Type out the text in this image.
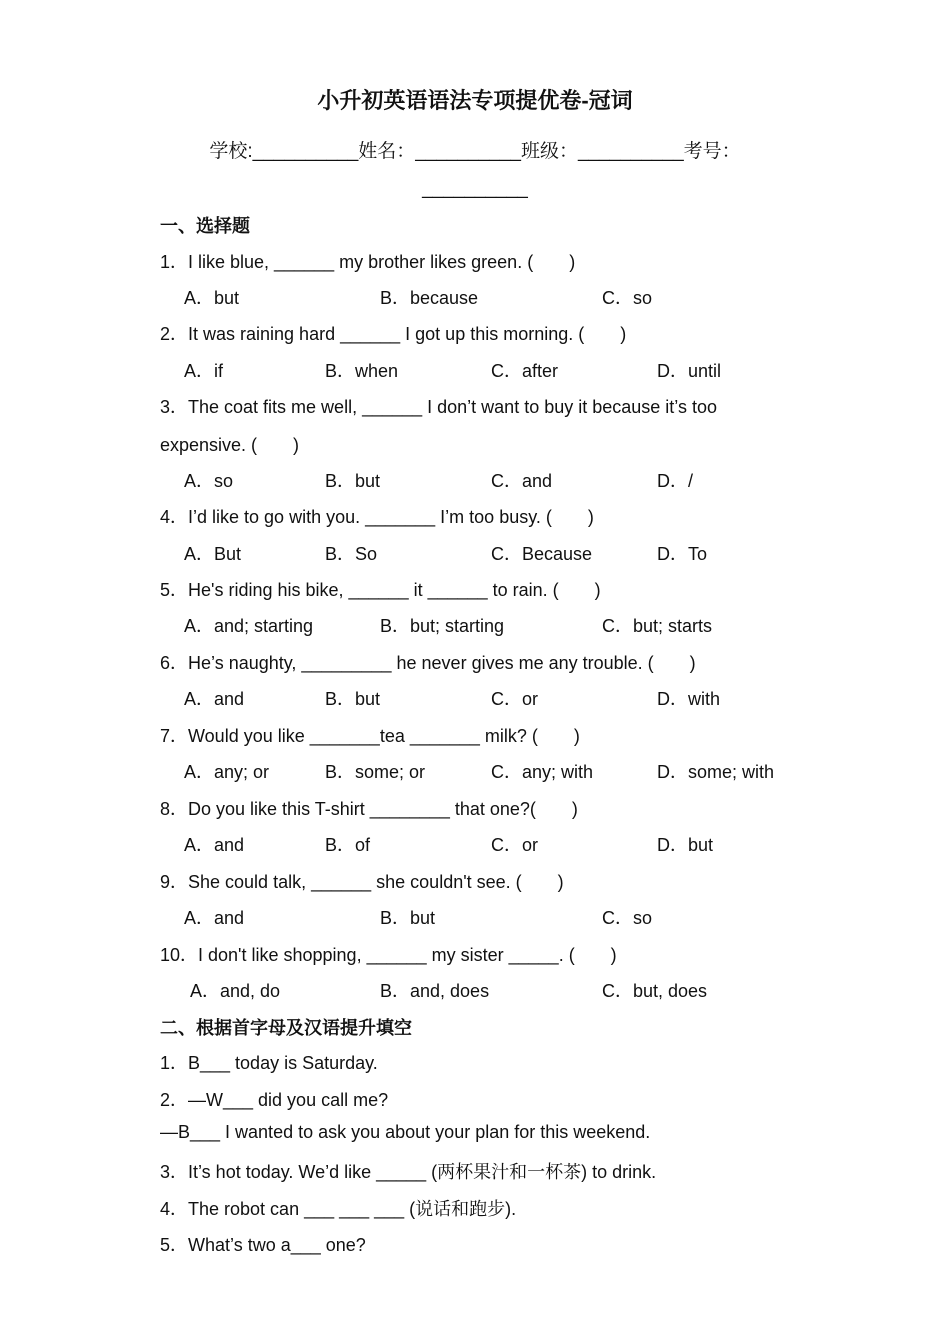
小升初英语语法专项提优卷-冠词
学校:__________姓名：__________班级：__________考号：
__________
一、选择题
1．I like blue, ______ my brother likes green. (　　)
A．but	B．because	C．so
2．It was raining hard ______ I got up this morning. (　　)
A．if	B．when	C．after	D．until
3．The coat fits me well, ______ I don’t want to buy it because it’s too
expensive. (　　)
A．so	B．but	C．and	D．/
4．I’d like to go with you. _______ I’m too busy. (　　)
A．But	B．So	C．Because	D．To
5．He's riding his bike, ______ it ______ to rain. (　　)
A．and; starting	B．but; starting	C．but; starts
6．He’s naughty, _________ he never gives me any trouble. (　　)
A．and	B．but	C．or	D．with
7．Would you like _______tea _______ milk? (　　)
A．any; or	B．some; or	C．any; with	D．some; with
8．Do you like this T-shirt ________ that one?(　　)
A．and	B．of	C．or	D．but
9．She could talk, ______ she couldn't see. (　　)
A．and	B．but	C．so
10．I don't like shopping, ______ my sister _____. (　　)
A．and, do	B．and, does	C．but, does
二、根据首字母及汉语提升填空
1．B___ today is Saturday.
2．—W___ did you call me?
—B___ I wanted to ask you about your plan for this weekend.
3．It’s hot today. We’d like _____ (两杯果汁和一杯茶) to drink.
4．The robot can ___ ___ ___ (说话和跑步).
5．What’s two a___ one?
